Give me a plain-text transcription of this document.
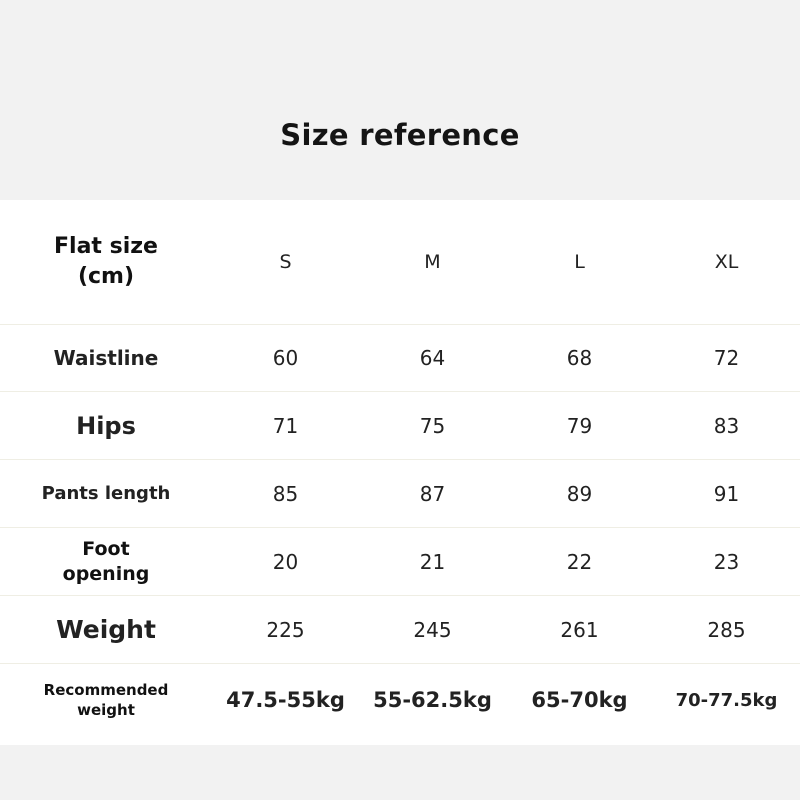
Size reference
Flat size
(cm)	S	M	L	XL
Waistline	60	64	68	72
Hips	71	75	79	83
Pants length	85	87	89	91

Foot
opening	20	21	22	23
Weight	225	245	261	285

Recommended
weight	47.5-55kg	55-62.5kg	65-70kg	70-77.5kg
